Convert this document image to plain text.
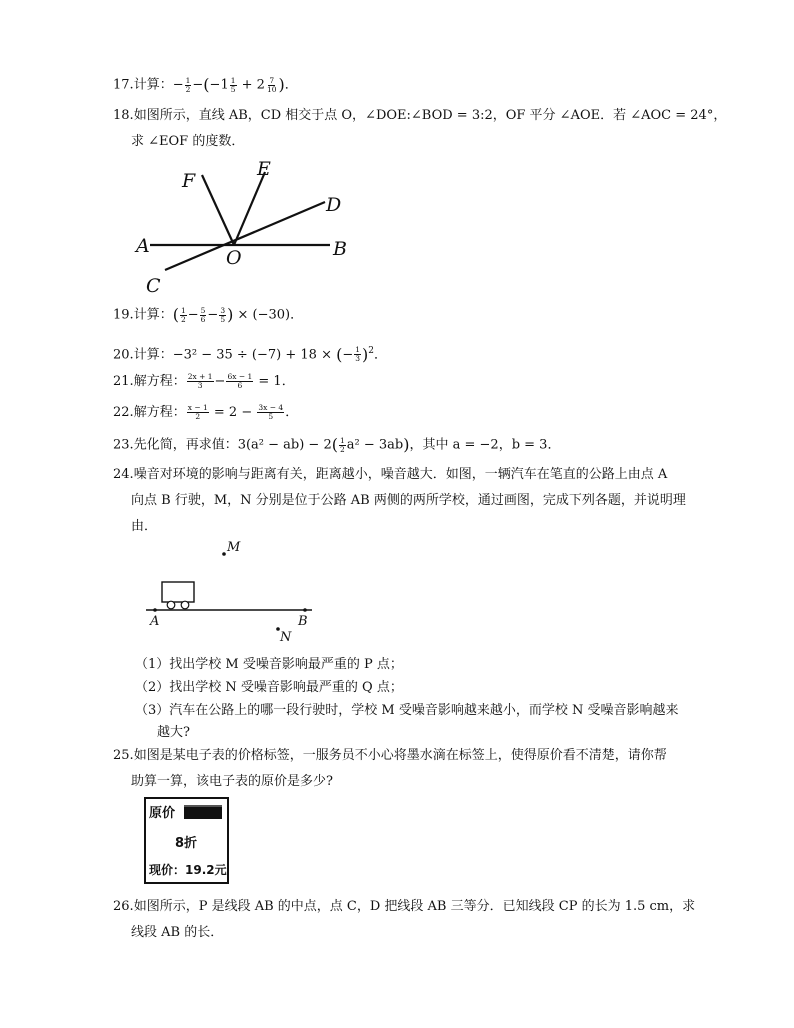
17.计算：− $\frac{1}{2} -(-1 \frac{1}{5} + 2 \frac{7}{10}$ )．
18.如图所示，直线 AB，CD 相交于点 O，∠DOE:∠BOD = 3:2，OF 平分 ∠AOE．若 ∠AOC = 24°，
求 ∠EOF 的度数．
F
E
D
A
O	B
C
19.计算：( $\frac{1}{2} - \frac{5}{6} - \frac{3}{5}$ ) × (−30)．
20.计算：−3² − 35 ÷ (−7) + 18 × (− $\frac{1}{3} )^2$．
21.解方程： $\frac{2x + 1}{3} - \frac{6x - 1}{6} = 1$．
22.解方程： $\frac{x - 1}{2} = 2 - \frac{3x - 4}{5}$ ．
23.先化简，再求值：$3(a^2 - ab) - 2( \frac{1}{2} a^2 - 3ab)$，其中 a = −2，b = 3．
24.噪音对环境的影响与距离有关，距离越小，噪音越大．如图，一辆汽车在笔直的公路上由点 A
向点 B 行驶，M，N 分别是位于公路 AB 两侧的两所学校，通过画图，完成下列各题，并说明理
由．
M
A	B
N
（1）找出学校 M 受噪音影响最严重的 P 点；
（2）找出学校 N 受噪音影响最严重的 Q 点；
（3）汽车在公路上的哪一段行驶时，学校 M 受噪音影响越来越小，而学校 N 受噪音影响越来
越大?
25.如图是某电子表的价格标签，一服务员不小心将墨水滴在标签上，使得原价看不清楚，请你帮
助算一算，该电子表的原价是多少?
原价
8折
现价：19.2元
26.如图所示，P 是线段 AB 的中点，点 C，D 把线段 AB 三等分．已知线段 CP 的长为 1.5 cm，求
线段 AB 的长．
